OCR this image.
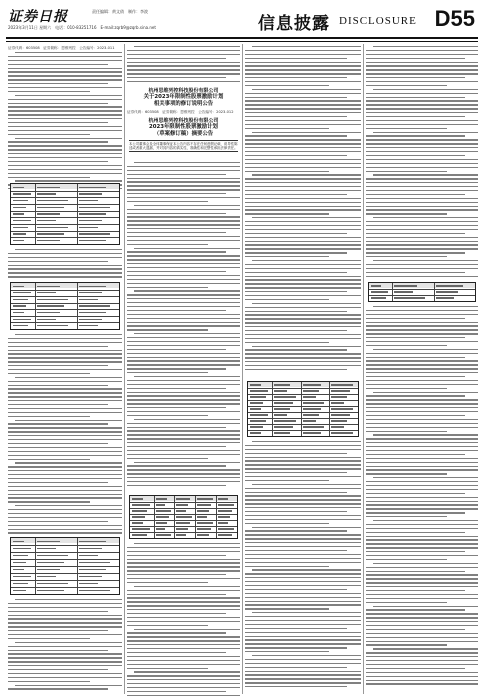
证券日报	责任编辑：黄文倩　制作：李波
2023年3月11日 星期六　电话：010-83251716　E-mail:zqrb9@zqrb.sina.net	信息披露 DISCLOSURE D55
证券代码：603508　证券简称：思维列控　公告编号：2023-011
杭州思维列控科技股份有限公司
关于2023年限制性股票激励计划
相关事项的修订说明公告
证券代码：603508　证券简称：思维列控　公告编号：2023-012
杭州思维列控科技股份有限公司
2023年限制性股票激励计划
（草案修订稿）摘要公告
本公司董事会及全体董事保证本公告内容不存在任何虚假记载、误导性陈述或者重大遗漏，并对其内容的真实性、准确性和完整性承担法律责任。
